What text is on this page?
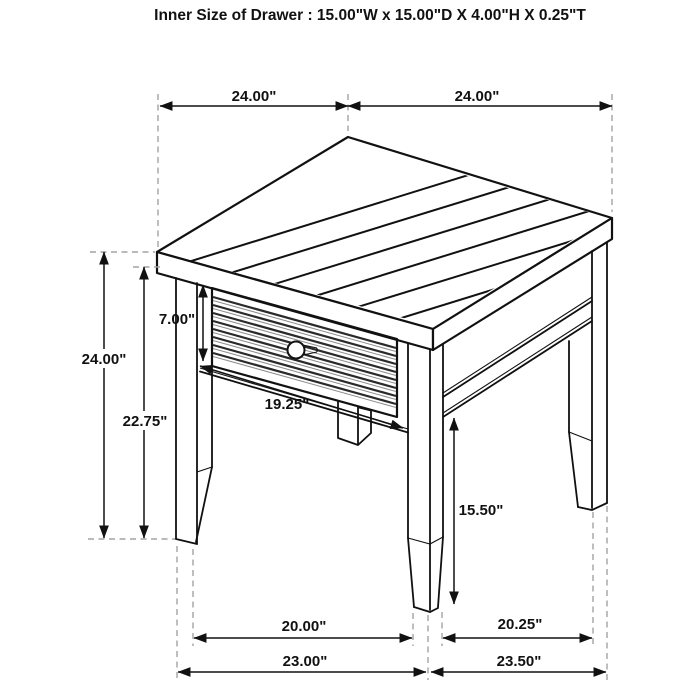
Inner Size of Drawer : 15.00"W x 15.00"D X 4.00"H X 0.25"T
24.00"	24.00"
24.00"
22.75"
7.00"
19.25"
15.50"
20.00"
23.00"
20.25"
23.50"
